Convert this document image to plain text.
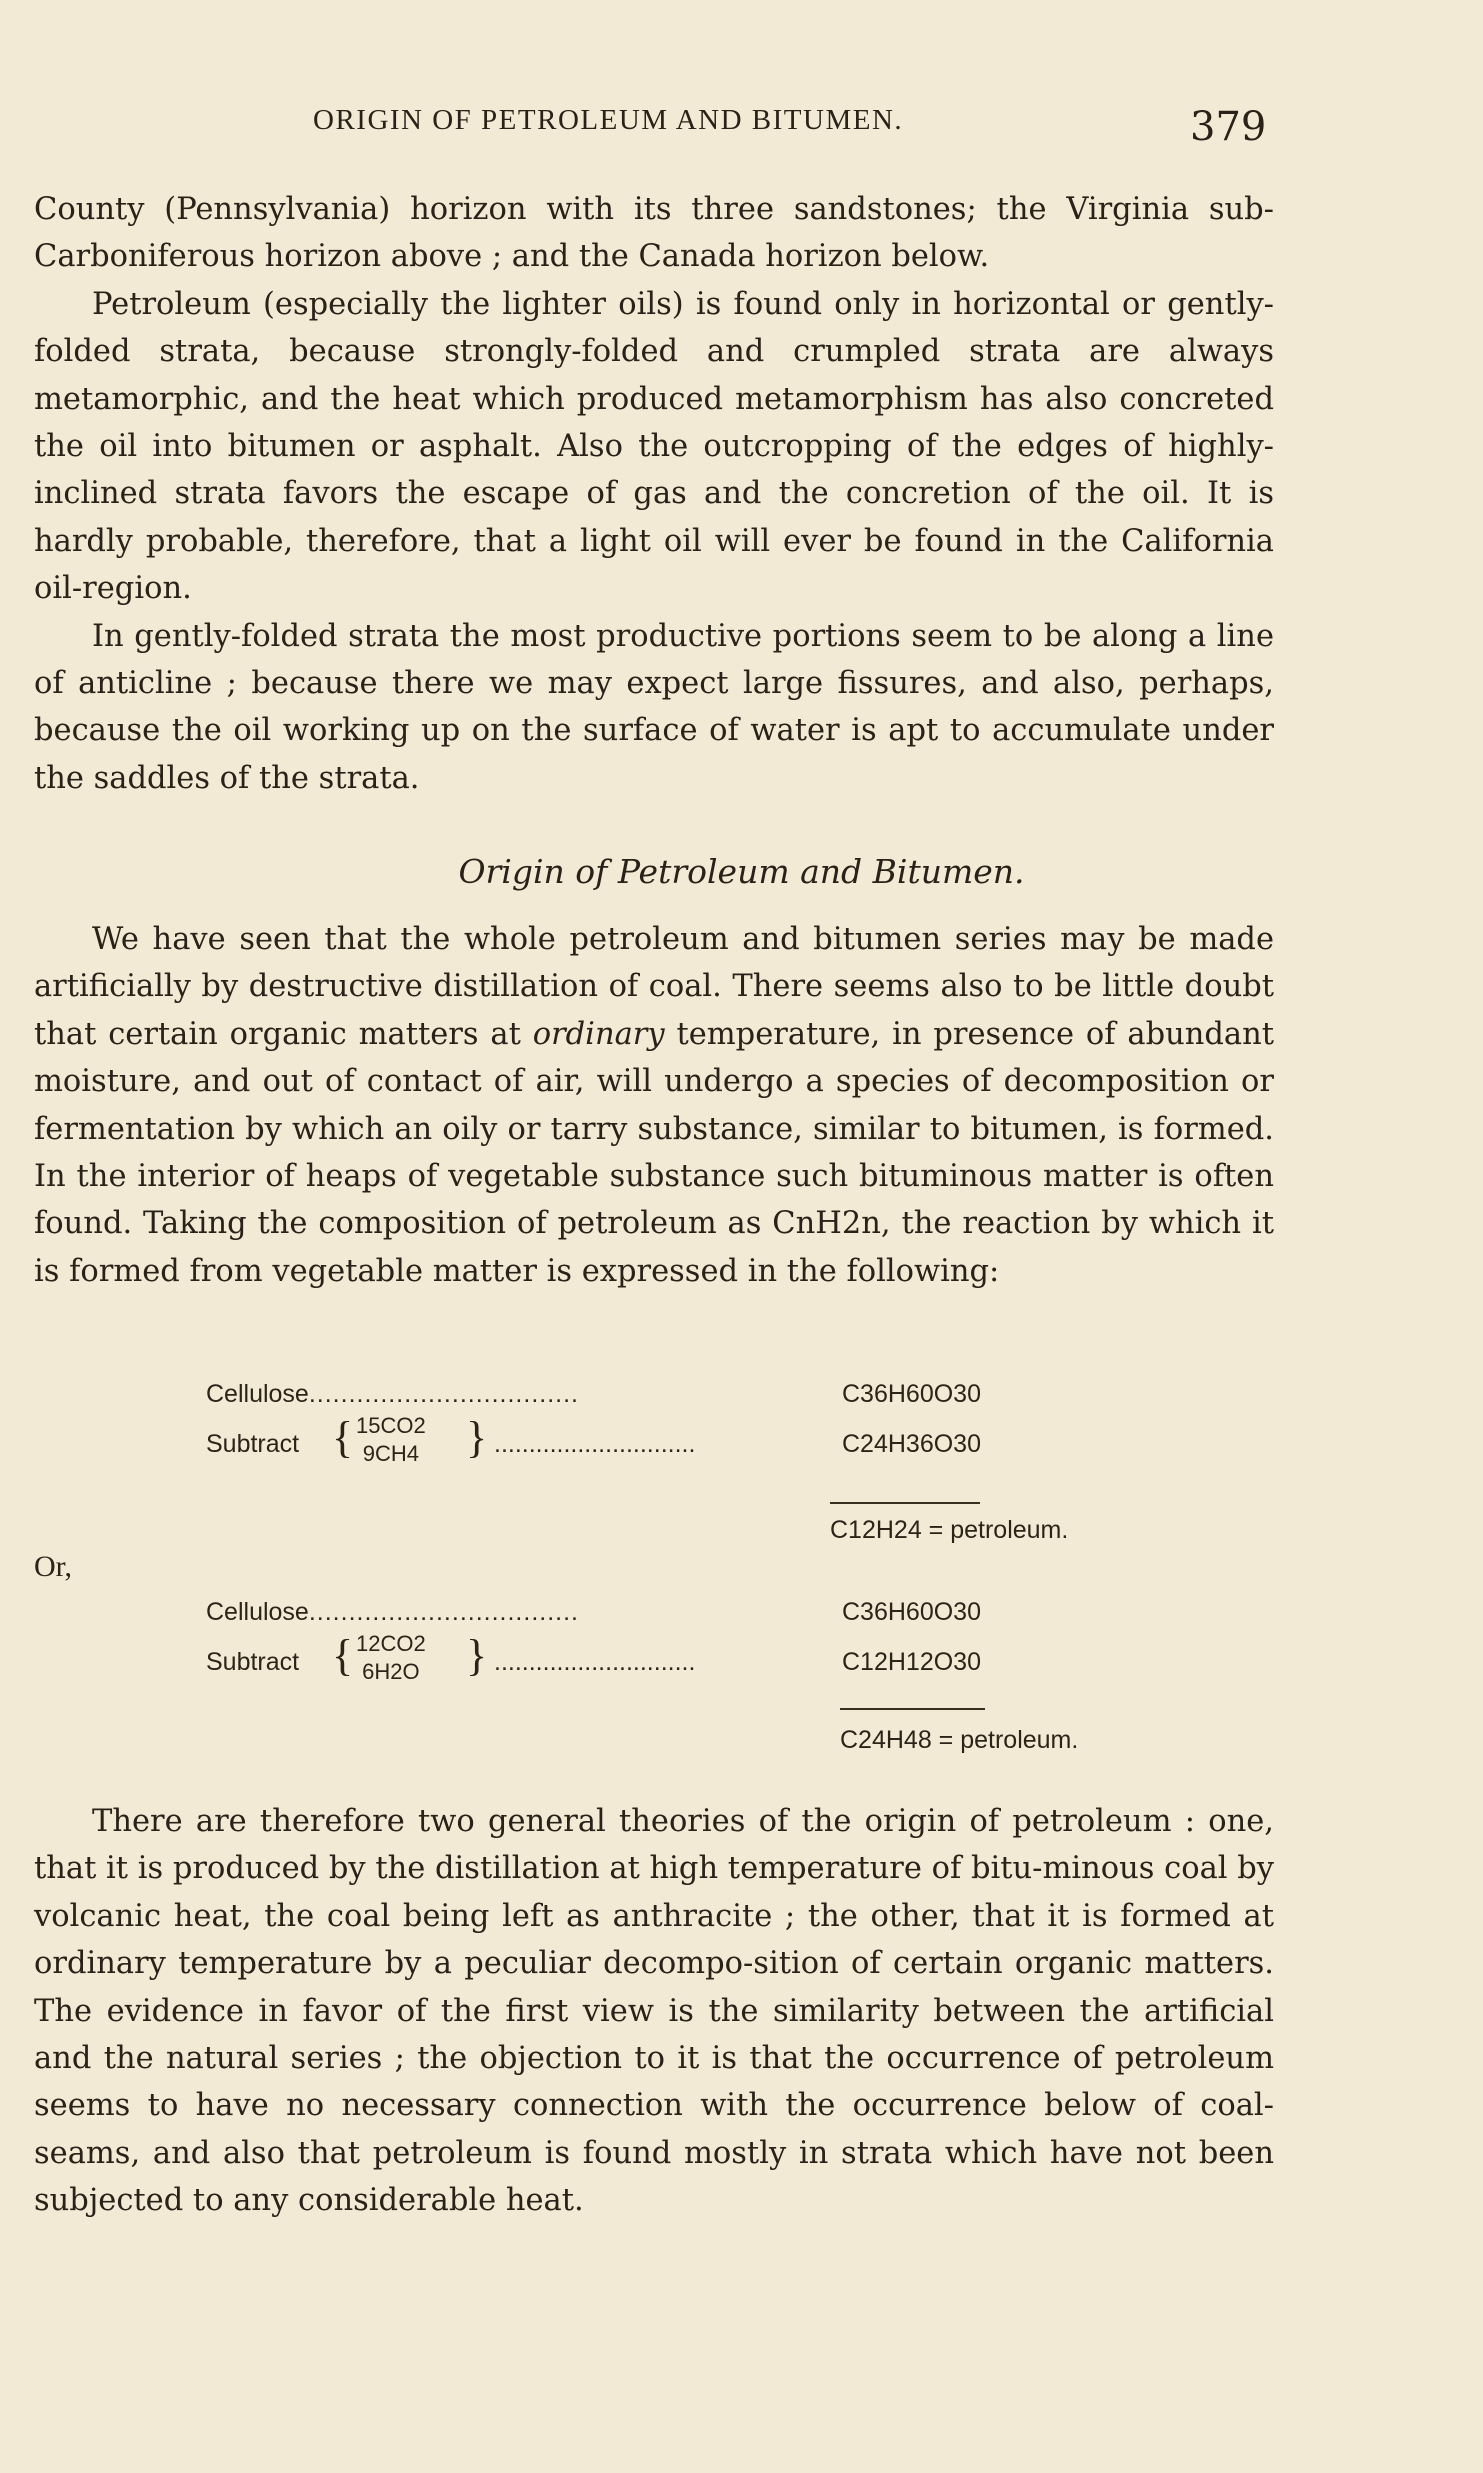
ORIGIN OF PETROLEUM AND BITUMEN.	379

County (Pennsylvania) horizon with its three sandstones; the Virginia sub-Carboniferous horizon above ; and the Canada horizon below.

Petroleum (especially the lighter oils) is found only in horizontal or gently-folded strata, because strongly-folded and crumpled strata are always metamorphic, and the heat which produced metamorphism has also concreted the oil into bitumen or asphalt. Also the outcropping of the edges of highly-inclined strata favors the escape of gas and the concretion of the oil. It is hardly probable, therefore, that a light oil will ever be found in the California oil-region.

In gently-folded strata the most productive portions seem to be along a line of anticline ; because there we may expect large fissures, and also, perhaps, because the oil working up on the surface of water is apt to accumulate under the saddles of the strata.

Origin of Petroleum and Bitumen.

We have seen that the whole petroleum and bitumen series may be made artificially by destructive distillation of coal. There seems also to be little doubt that certain organic matters at ordinary temperature, in presence of abundant moisture, and out of contact of air, will undergo a species of decomposition or fermentation by which an oily or tarry substance, similar to bitumen, is formed. In the interior of heaps of vegetable substance such bituminous matter is often found. Taking the composition of petroleum as CnH2n, the reaction by which it is formed from vegetable matter is expressed in the following:

Cellulose..................................	C36H60O30
Subtract { 15CO2
9CH4 } .............................	C24H36O30
C12H24 = petroleum.
Or,
Cellulose..................................	C36H60O30
Subtract { 12CO2
6H2O } .............................	C12H12O30
C24H48 = petroleum.

There are therefore two general theories of the origin of petroleum : one, that it is produced by the distillation at high temperature of bitu-minous coal by volcanic heat, the coal being left as anthracite ; the other, that it is formed at ordinary temperature by a peculiar decompo-sition of certain organic matters. The evidence in favor of the first view is the similarity between the artificial and the natural series ; the objection to it is that the occurrence of petroleum seems to have no necessary connection with the occurrence below of coal-seams, and also that petroleum is found mostly in strata which have not been subjected to any considerable heat.
